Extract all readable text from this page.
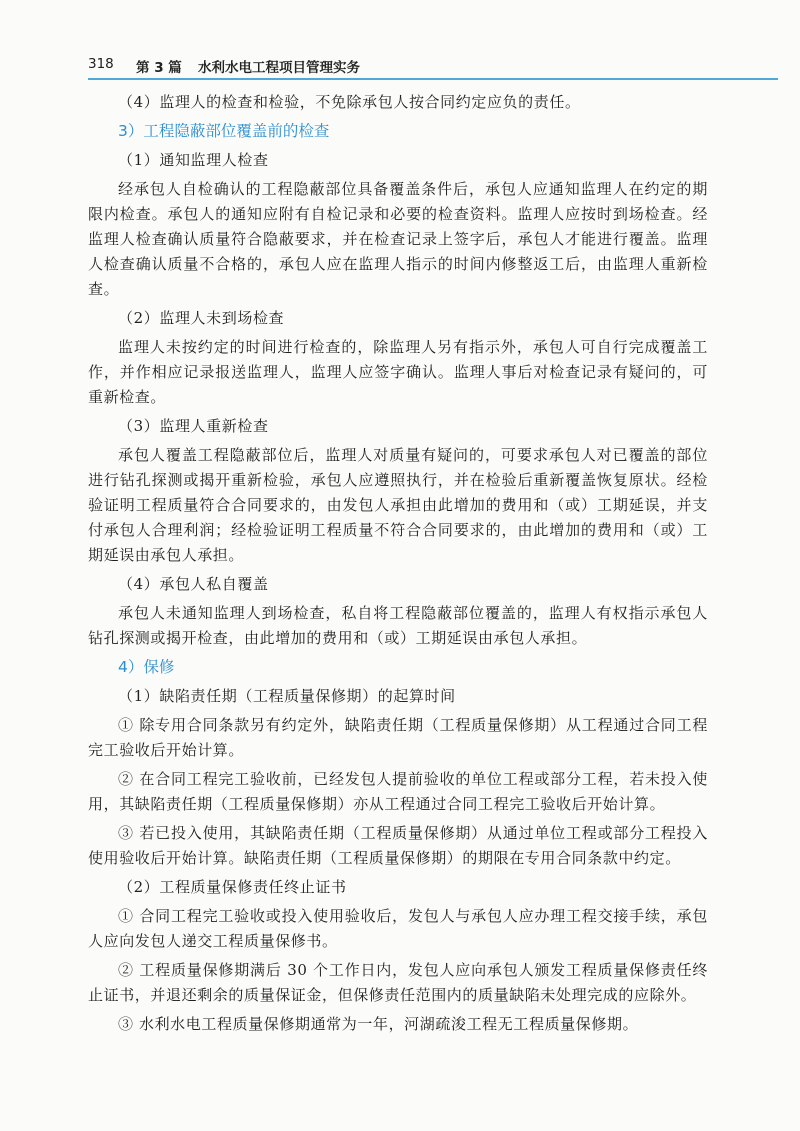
318 第 3 篇 水利水电工程项目管理实务

（4）监理人的检查和检验，不免除承包人按合同约定应负的责任。

3）工程隐蔽部位覆盖前的检查

（1）通知监理人检查

经承包人自检确认的工程隐蔽部位具备覆盖条件后，承包人应通知监理人在约定的期限内检查。承包人的通知应附有自检记录和必要的检查资料。监理人应按时到场检查。经监理人检查确认质量符合隐蔽要求，并在检查记录上签字后，承包人才能进行覆盖。监理人检查确认质量不合格的，承包人应在监理人指示的时间内修整返工后，由监理人重新检查。

（2）监理人未到场检查

监理人未按约定的时间进行检查的，除监理人另有指示外，承包人可自行完成覆盖工作，并作相应记录报送监理人，监理人应签字确认。监理人事后对检查记录有疑问的，可重新检查。

（3）监理人重新检查

承包人覆盖工程隐蔽部位后，监理人对质量有疑问的，可要求承包人对已覆盖的部位进行钻孔探测或揭开重新检验，承包人应遵照执行，并在检验后重新覆盖恢复原状。经检验证明工程质量符合合同要求的，由发包人承担由此增加的费用和（或）工期延误，并支付承包人合理利润；经检验证明工程质量不符合合同要求的，由此增加的费用和（或）工期延误由承包人承担。

（4）承包人私自覆盖

承包人未通知监理人到场检查，私自将工程隐蔽部位覆盖的，监理人有权指示承包人钻孔探测或揭开检查，由此增加的费用和（或）工期延误由承包人承担。

4）保修

（1）缺陷责任期（工程质量保修期）的起算时间

① 除专用合同条款另有约定外，缺陷责任期（工程质量保修期）从工程通过合同工程完工验收后开始计算。

② 在合同工程完工验收前，已经发包人提前验收的单位工程或部分工程，若未投入使用，其缺陷责任期（工程质量保修期）亦从工程通过合同工程完工验收后开始计算。

③ 若已投入使用，其缺陷责任期（工程质量保修期）从通过单位工程或部分工程投入使用验收后开始计算。缺陷责任期（工程质量保修期）的期限在专用合同条款中约定。

（2）工程质量保修责任终止证书

① 合同工程完工验收或投入使用验收后，发包人与承包人应办理工程交接手续，承包人应向发包人递交工程质量保修书。

② 工程质量保修期满后 30 个工作日内，发包人应向承包人颁发工程质量保修责任终止证书，并退还剩余的质量保证金，但保修责任范围内的质量缺陷未处理完成的应除外。

③ 水利水电工程质量保修期通常为一年，河湖疏浚工程无工程质量保修期。
